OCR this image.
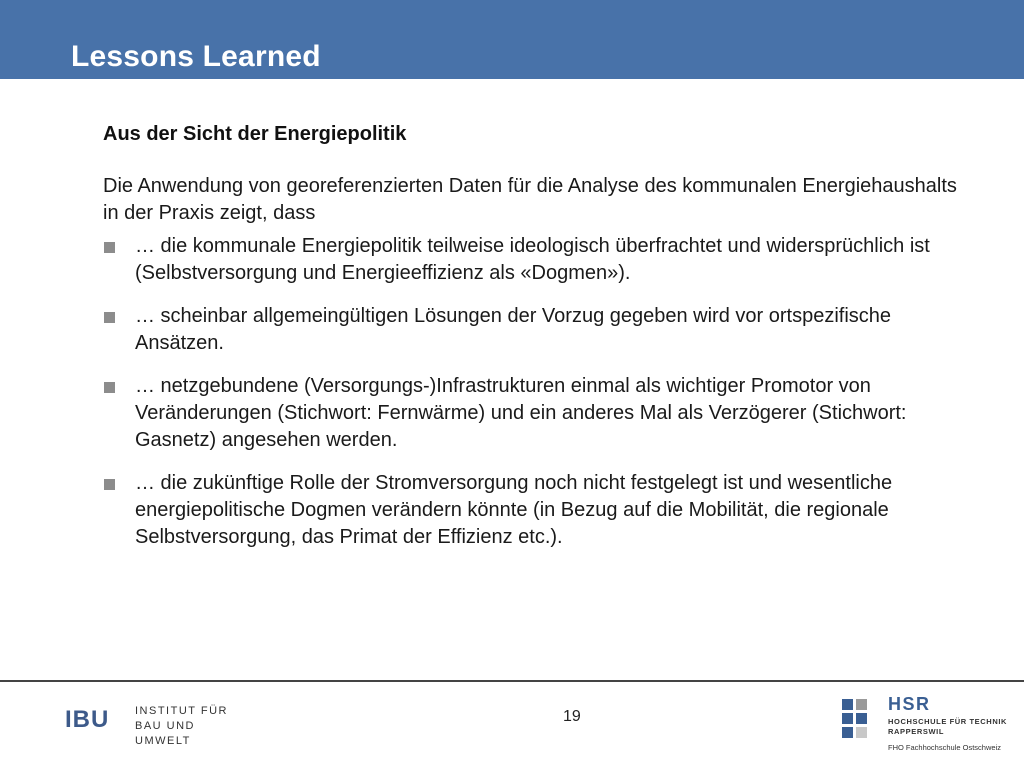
Lessons Learned
Aus der Sicht der Energiepolitik
Die Anwendung von georeferenzierten Daten für die Analyse des kommunalen Energiehaushalts in der Praxis zeigt, dass
… die kommunale Energiepolitik teilweise ideologisch überfrachtet und widersprüchlich ist (Selbstversorgung und Energieeffizienz als «Dogmen»).
… scheinbar allgemeingültigen Lösungen der Vorzug gegeben wird vor ortspezifische Ansätzen.
… netzgebundene (Versorgungs-)Infrastrukturen einmal als wichtiger Promotor von Veränderungen (Stichwort: Fernwärme) und ein anderes Mal als Verzögerer (Stichwort: Gasnetz) angesehen werden.
… die zukünftige Rolle der Stromversorgung noch nicht festgelegt ist und wesentliche energiepolitische Dogmen verändern könnte (in Bezug auf die Mobilität, die regionale Selbstversorgung, das Primat der Effizienz etc.).
IBU INSTITUT FÜR
BAU UND UMWELT
19
HSR
HOCHSCHULE FÜR TECHNIK
RAPPERSWIL
FHO Fachhochschule Ostschweiz
